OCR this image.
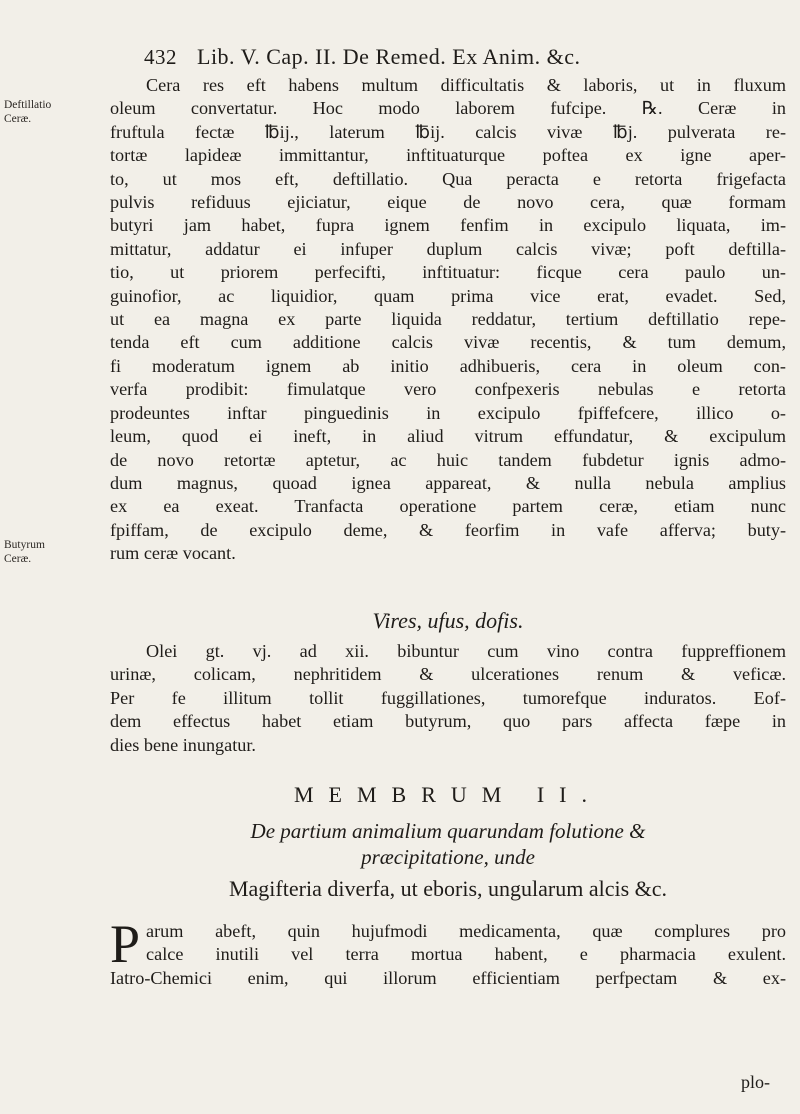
432 Lib. V. Cap. II. De Remed. Ex Anim. &c.
Deftillatio Ceræ.
Butyrum Ceræ.
Cera res eft habens multum difficultatis & laboris, ut in fluxum
oleum convertatur. Hoc modo laborem fufcipe. ℞. Ceræ in
fruftula fectæ ℔ij., laterum ℔ij. calcis vivæ ℔j. pulverata re-
tortæ lapideæ immittantur, inftituaturque poftea ex igne aper-
to, ut mos eft, deftillatio. Qua peracta e retorta frigefacta
pulvis refiduus ejiciatur, eique de novo cera, quæ formam
butyri jam habet, fupra ignem fenfim in excipulo liquata, im-
mittatur, addatur ei infuper duplum calcis vivæ; poft deftilla-
tio, ut priorem perfecifti, inftituatur: ficque cera paulo un-
guinofior, ac liquidior, quam prima vice erat, evadet. Sed,
ut ea magna ex parte liquida reddatur, tertium deftillatio repe-
tenda eft cum additione calcis vivæ recentis, & tum demum,
fi moderatum ignem ab initio adhibueris, cera in oleum con-
verfa prodibit: fimulatque vero confpexeris nebulas e retorta
prodeuntes inftar pinguedinis in excipulo fpiffefcere, illico o-
leum, quod ei ineft, in aliud vitrum effundatur, & excipulum
de novo retortæ aptetur, ac huic tandem fubdetur ignis admo-
dum magnus, quoad ignea appareat, & nulla nebula amplius
ex ea exeat. Tranfacta operatione partem ceræ, etiam nunc
fpiffam, de excipulo deme, & feorfim in vafe afferva; buty-
rum ceræ vocant.
Vires, ufus, dofis.
Olei gt. vj. ad xii. bibuntur cum vino contra fuppreffionem
urinæ, colicam, nephritidem & ulcerationes renum & veficæ.
Per fe illitum tollit fuggillationes, tumorefque induratos. Eof-
dem effectus habet etiam butyrum, quo pars affecta fæpe in
dies bene inungatur.
MEMBRUM II.
De partium animalium quarundam folutione &
præcipitatione, unde
Magifteria diverfa, ut eboris, ungularum alcis &c.
P arum abeft, quin hujufmodi medicamenta, quæ complures pro
calce inutili vel terra mortua habent, e pharmacia exulent.
Iatro-Chemici enim, qui illorum efficientiam perfpectam & ex-
plo-
